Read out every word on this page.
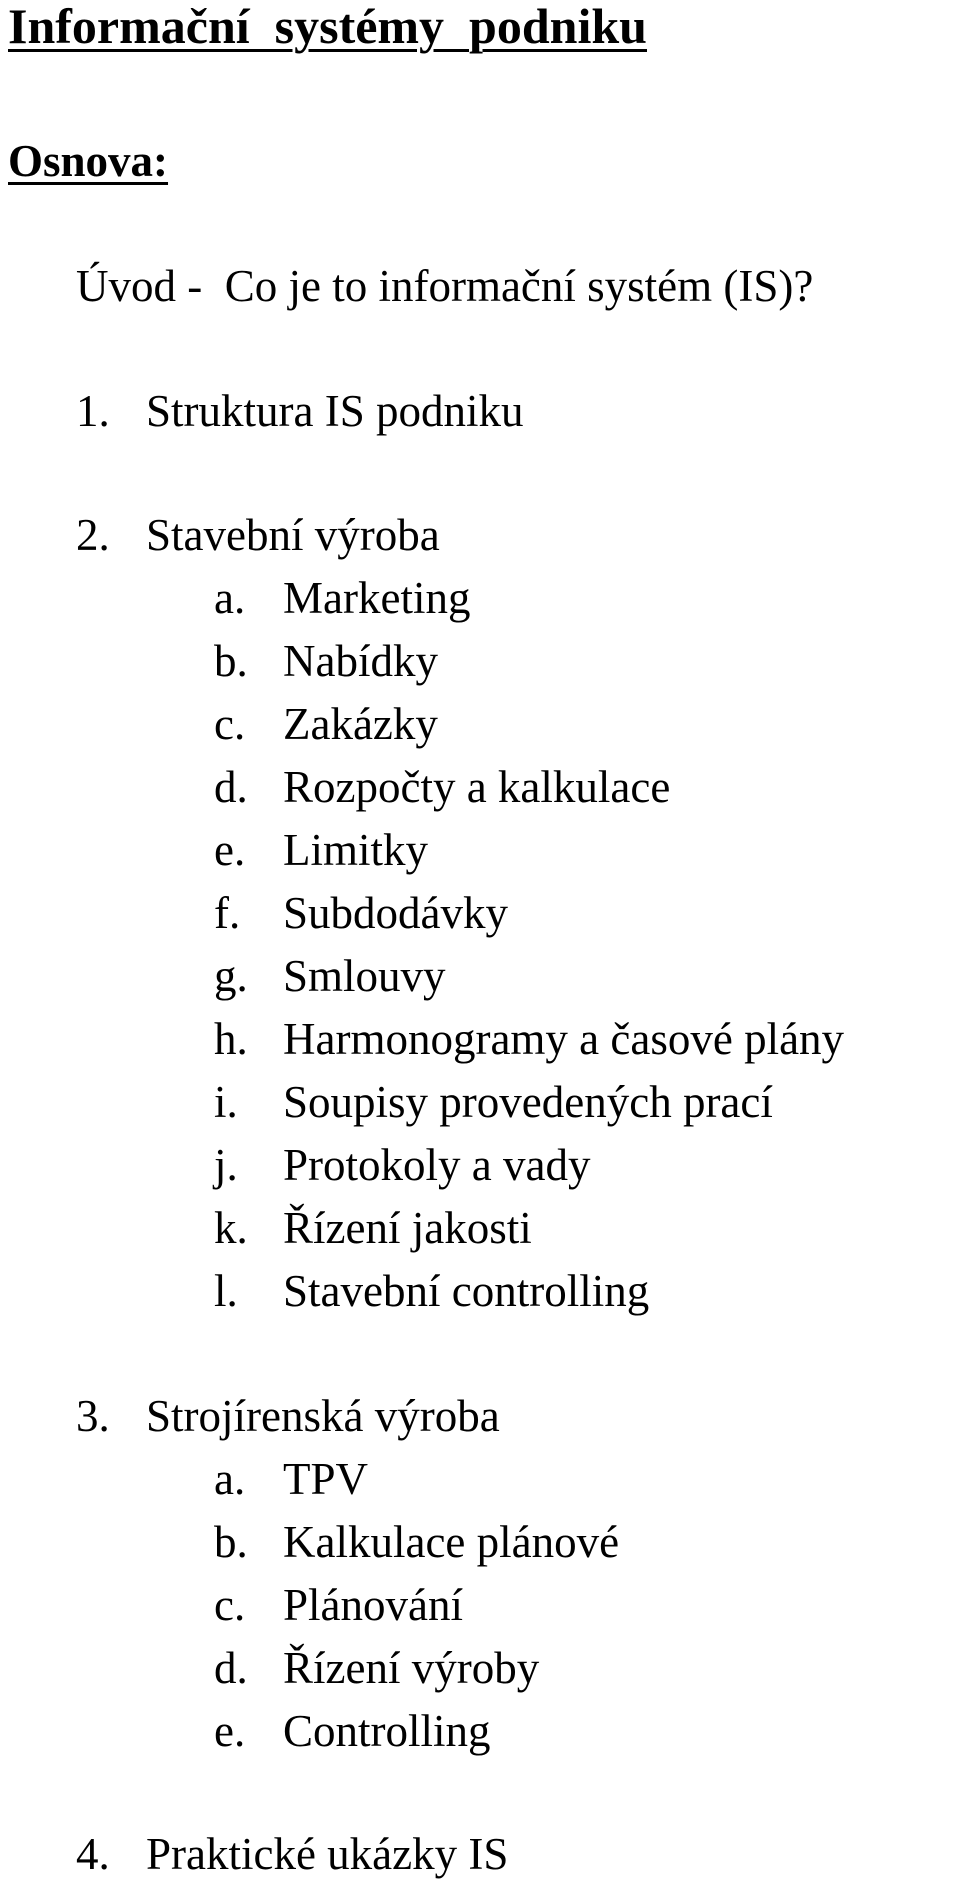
Informační  systémy  podniku
Osnova:
Úvod -  Co je to informační systém (IS)?
1. Struktura IS podniku
2. Stavební výroba
a. Marketing
b. Nabídky
c. Zakázky
d. Rozpočty a kalkulace
e. Limitky
f. Subdodávky
g. Smlouvy
h. Harmonogramy a časové plány
i. Soupisy provedených prací
j. Protokoly a vady
k. Řízení jakosti
l. Stavební controlling
3. Strojírenská výroba
a. TPV
b. Kalkulace plánové
c. Plánování
d. Řízení výroby
e. Controlling
4. Praktické ukázky IS
